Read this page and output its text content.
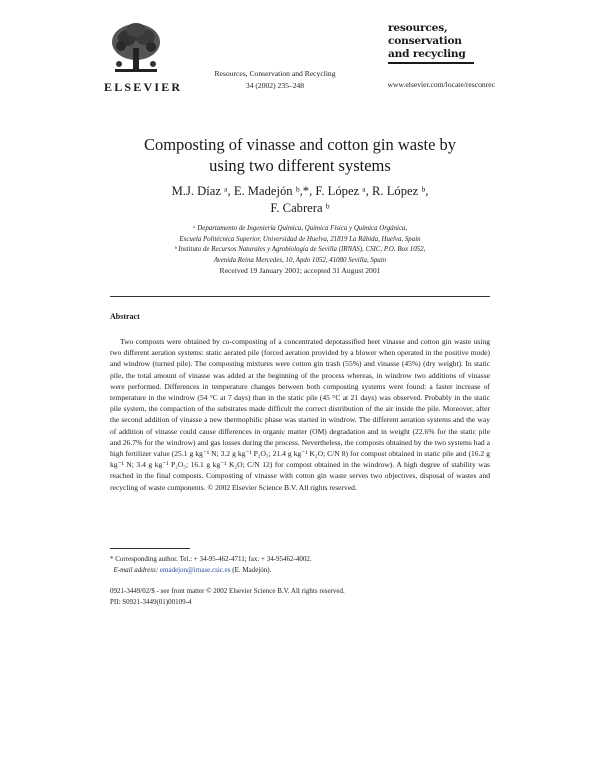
ELSEVIER
Resources, Conservation and Recycling
34 (2002) 235–248
resources,
conservation
and recycling
www.elsevier.com/locate/resconrec
Composting of vinasse and cotton gin waste by
using two different systems
M.J. Díaz ᵃ, E. Madejón ᵇ,*, F. López ᵃ, R. López ᵇ,
F. Cabrera ᵇ
ᵃ Departamento de Ingeniería Química, Química Física y Química Orgánica,
Escuela Politécnica Superior, Universidad de Huelva, 21819 La Rábida, Huelva, Spain
ᵇ Instituto de Recursos Naturales y Agrobiología de Sevilla (IRNAS), CSIC, P.O. Box 1052,
Avenida Reina Mercedes, 10, Apdo 1052, 41080 Sevilla, Spain
Received 19 January 2001; accepted 31 August 2001
Abstract
Two composts were obtained by co-composting of a concentrated depotassified beet vinasse and cotton gin waste using two different aeration systems: static aerated pile (forced aeration provided by a blower when operated in the positive mode) and windrow (turned pile). The composting mixtures were cotton gin trash (55%) and vinasse (45%) (dry weight). In static pile, the total amount of vinasse was added at the beginning of the process whereas, in windrow two additions of vinasse were performed. Differences in temperature changes between both composting systems were found: a faster increase of temperature in the windrow (54 °C at 7 days) than in the static pile (45 °C at 21 days) was observed. Probably in the static pile system, the compaction of the substrates made difficult the correct distribution of the air inside the pile. Moreover, after the second addition of vinasse a new thermophilic phase was started in windrow. The different aeration systems and the way of addition of vinasse could cause differences in organic matter (OM) degradation and in weight (22.6% for the static pile and 26.7% for the windrow) and gas losses during the process. Nevertheless, the composts obtained by the two systems had a high fertilizer value (25.1 g kg⁻¹ N; 3.2 g kg⁻¹ P₂O₅; 21.4 g kg⁻¹ K₂O; C/N 8) for compost obtained in static pile and (16.2 g kg⁻¹ N; 3.4 g kg⁻¹ P₂O₅; 16.1 g kg⁻¹ K₂O; C/N 12) for compost obtained in the windrow). A high degree of stability was reached in the final composts. Composting of vinasse with cotton gin waste serves two objectives, disposal of wastes and recycling of waste components. © 2002 Elsevier Science B.V. All rights reserved.
* Corresponding author. Tel.: + 34-95-462-4711; fax: + 34-95462-4002.
E-mail address: emadejon@irnase.csic.es (E. Madejón).
0921-3449/02/$ - see front matter © 2002 Elsevier Science B.V. All rights reserved.
PII: S0921-3449(01)00109-4
